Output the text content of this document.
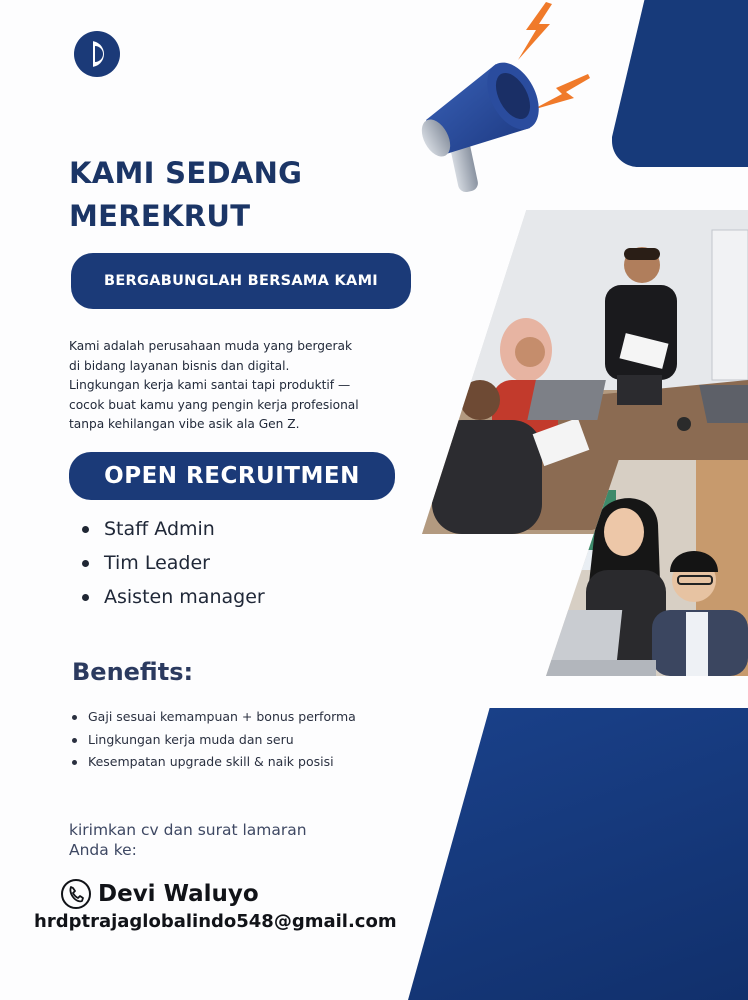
KAMI SEDANG
MEREKRUT
BERGABUNGLAH BERSAMA KAMI
Kami adalah perusahaan muda yang bergerak
di bidang layanan bisnis dan digital.
Lingkungan kerja kami santai tapi produktif —
cocok buat kamu yang pengin kerja profesional
tanpa kehilangan vibe asik ala Gen Z.
OPEN RECRUITMEN
Staff Admin
Tim Leader
Asisten manager
Benefits:
Gaji sesuai kemampuan + bonus performa
Lingkungan kerja muda dan seru
Kesempatan upgrade skill & naik posisi
kirimkan cv dan surat lamaran
Anda ke:
Devi Waluyo
hrdptrajaglobalindo548@gmail.com
